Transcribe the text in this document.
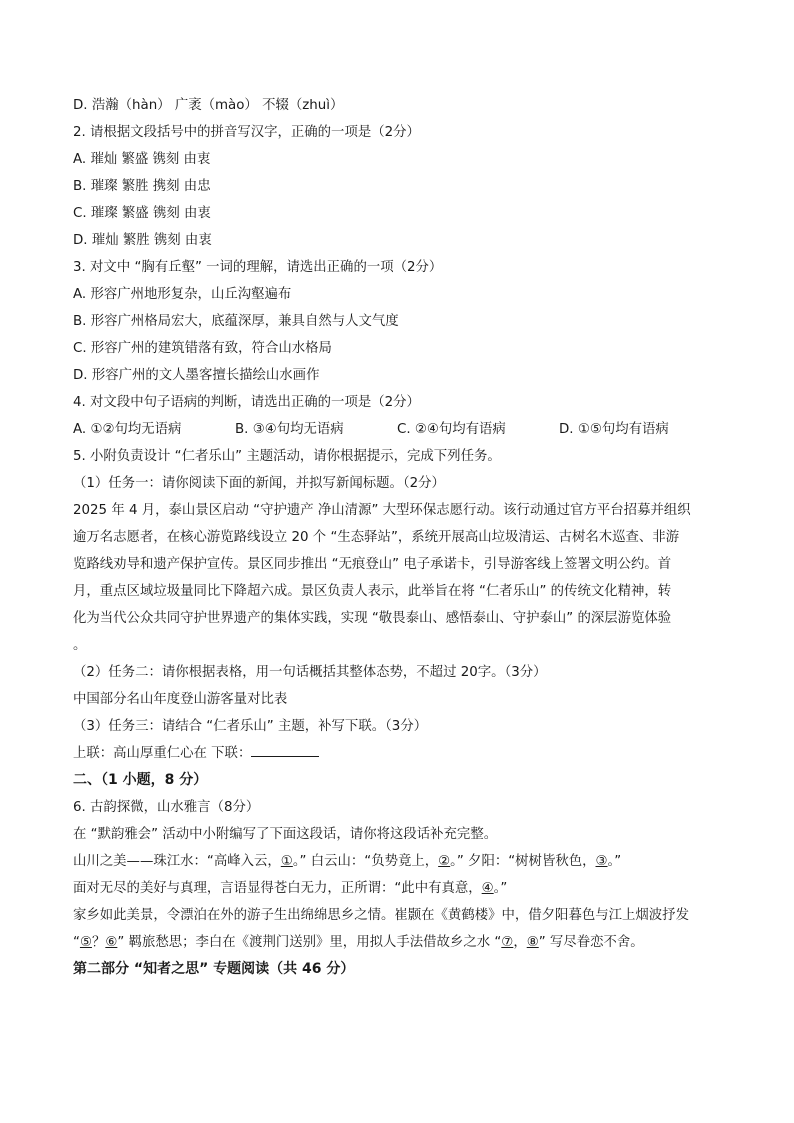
D. 浩瀚（hàn） 广袤（mào） 不辍（zhuì）
2. 请根据文段括号中的拼音写汉字，正确的一项是（2分）
A. 璀灿 繁盛 镌刻 由衷
B. 璀璨 繁胜 携刻 由忠
C. 璀璨 繁盛 镌刻 由衷
D. 璀灿 繁胜 镌刻 由衷
3. 对文中 “胸有丘壑” 一词的理解，请选出正确的一项（2分）
A. 形容广州地形复杂，山丘沟壑遍布
B. 形容广州格局宏大，底蕴深厚，兼具自然与人文气度
C. 形容广州的建筑错落有致，符合山水格局
D. 形容广州的文人墨客擅长描绘山水画作
4. 对文段中句子语病的判断，请选出正确的一项是（2分）
A. ①②句均无语病	B. ③④句均无语病	C. ②④句均有语病	D. ①⑤句均有语病
5. 小附负责设计 “仁者乐山” 主题活动，请你根据提示，完成下列任务。
（1）任务一：请你阅读下面的新闻，并拟写新闻标题。（2分）
2025 年 4 月，泰山景区启动 “守护遗产 净山清源” 大型环保志愿行动。该行动通过官方平台招募并组织
逾万名志愿者，在核心游览路线设立 20 个 “生态驿站”，系统开展高山垃圾清运、古树名木巡查、非游
览路线劝导和遗产保护宣传。景区同步推出 “无痕登山” 电子承诺卡，引导游客线上签署文明公约。首
月，重点区域垃圾量同比下降超六成。景区负责人表示，此举旨在将 “仁者乐山” 的传统文化精神，转
化为当代公众共同守护世界遗产的集体实践，实现 “敬畏泰山、感悟泰山、守护泰山” 的深层游览体验
。
（2）任务二：请你根据表格，用一句话概括其整体态势，不超过 20字。（3分）
中国部分名山年度登山游客量对比表
（3）任务三：请结合 “仁者乐山” 主题，补写下联。（3分）
上联：高山厚重仁心在 下联：
二、（1 小题，8 分）
6. 古韵探微，山水雅言（8分）
在 “默韵雅会” 活动中小附编写了下面这段话，请你将这段话补充完整。
山川之美——珠江水：“高峰入云，①。” 白云山：“负势竟上，②。” 夕阳：“树树皆秋色，③。”
面对无尽的美好与真理，言语显得苍白无力，正所谓：“此中有真意，④。”
家乡如此美景，令漂泊在外的游子生出绵绵思乡之情。崔颢在《黄鹤楼》中，借夕阳暮色与江上烟波抒发
“⑤？⑥” 羁旅愁思；李白在《渡荆门送别》里，用拟人手法借故乡之水 “⑦，⑧” 写尽眷恋不舍。
第二部分 “知者之思” 专题阅读（共 46 分）
